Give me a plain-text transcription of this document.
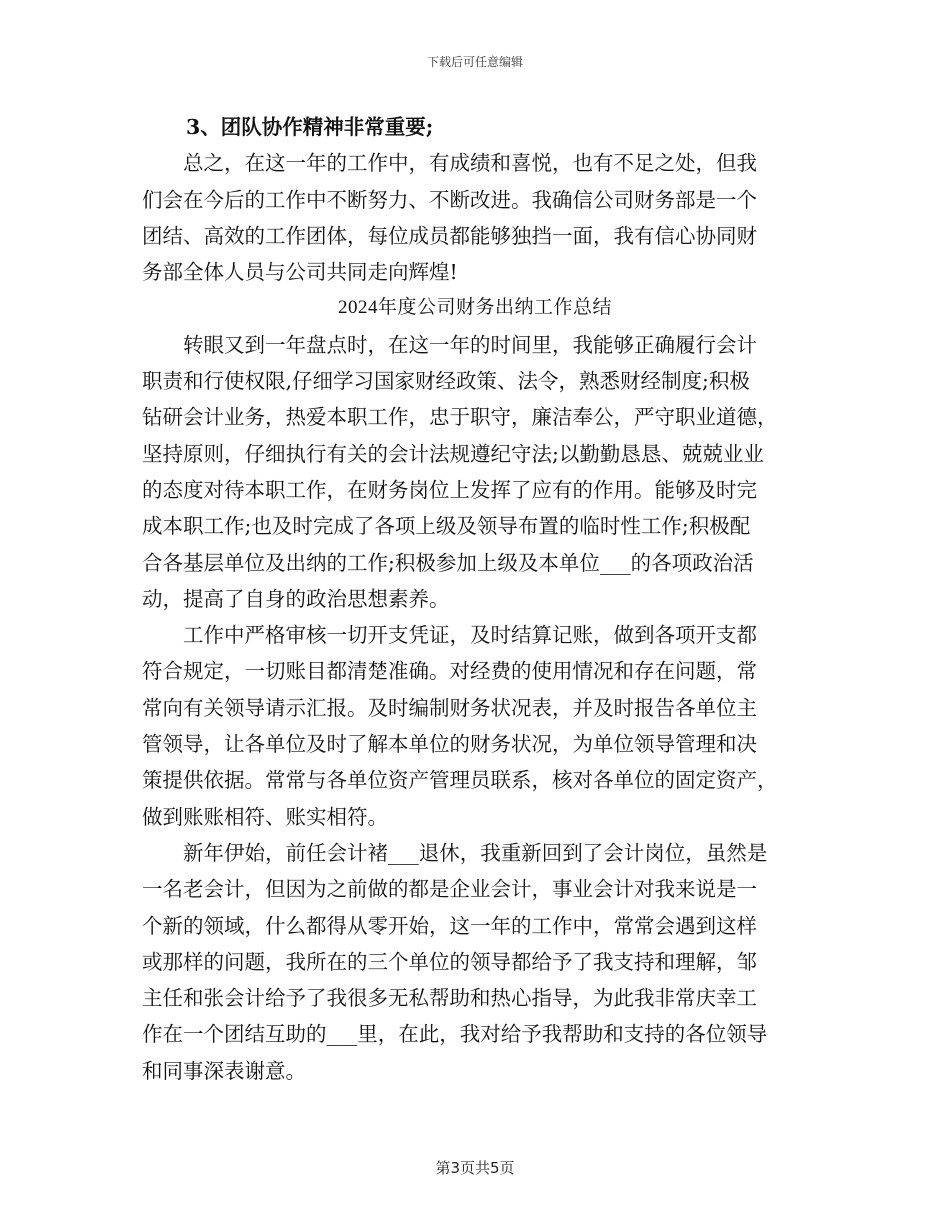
下载后可任意编辑
3、团队协作精神非常重要;
　　总之，在这一年的工作中，有成绩和喜悦，也有不足之处，但我
们会在今后的工作中不断努力、不断改进。我确信公司财务部是一个
团结、高效的工作团体，每位成员都能够独挡一面，我有信心协同财
务部全体人员与公司共同走向辉煌!
2024年度公司财务出纳工作总结
　　转眼又到一年盘点时，在这一年的时间里，我能够正确履行会计
职责和行使权限,仔细学习国家财经政策、法令，熟悉财经制度;积极
钻研会计业务，热爱本职工作，忠于职守，廉洁奉公，严守职业道德，
坚持原则，仔细执行有关的会计法规遵纪守法;以勤勤恳恳、兢兢业业
的态度对待本职工作，在财务岗位上发挥了应有的作用。能够及时完
成本职工作;也及时完成了各项上级及领导布置的临时性工作;积极配
合各基层单位及出纳的工作;积极参加上级及本单位___的各项政治活
动，提高了自身的政治思想素养。
　　工作中严格审核一切开支凭证，及时结算记账，做到各项开支都
符合规定，一切账目都清楚准确。对经费的使用情况和存在问题，常
常向有关领导请示汇报。及时编制财务状况表，并及时报告各单位主
管领导，让各单位及时了解本单位的财务状况，为单位领导管理和决
策提供依据。常常与各单位资产管理员联系，核对各单位的固定资产，
做到账账相符、账实相符。
　　新年伊始，前任会计褚___退休，我重新回到了会计岗位，虽然是
一名老会计，但因为之前做的都是企业会计，事业会计对我来说是一
个新的领域，什么都得从零开始，这一年的工作中，常常会遇到这样
或那样的问题，我所在的三个单位的领导都给予了我支持和理解，邹
主任和张会计给予了我很多无私帮助和热心指导，为此我非常庆幸工
作在一个团结互助的___里，在此，我对给予我帮助和支持的各位领导
和同事深表谢意。
第3页共5页
